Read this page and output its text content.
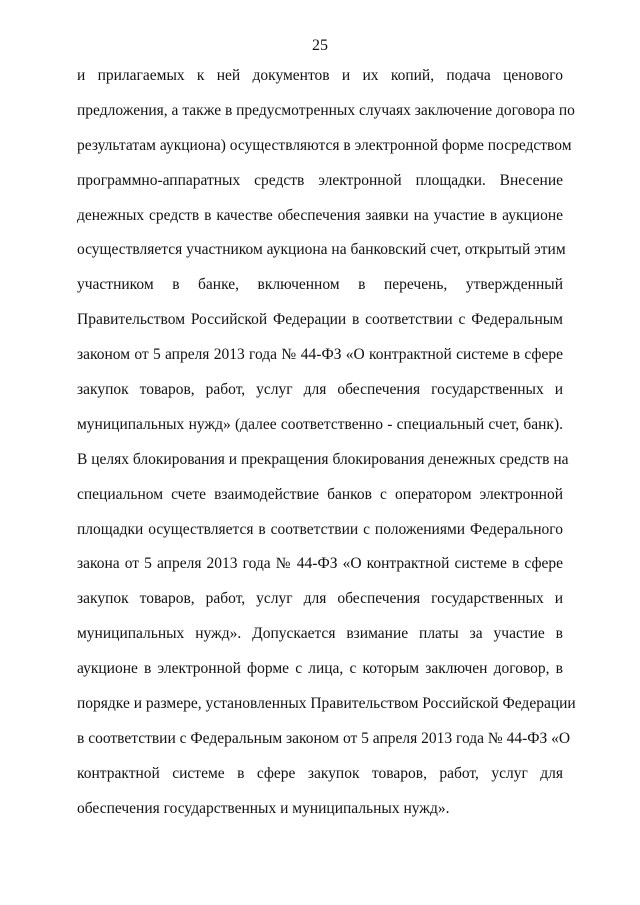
25
и прилагаемых к ней документов и их копий, подача ценового
предложения, а также в предусмотренных случаях заключение договора по
результатам аукциона) осуществляются в электронной форме посредством
программно-аппаратных средств электронной площадки. Внесение
денежных средств в качестве обеспечения заявки на участие в аукционе
осуществляется участником аукциона на банковский счет, открытый этим
участником в банке, включенном в перечень, утвержденный
Правительством Российской Федерации в соответствии с Федеральным
законом от 5 апреля 2013 года № 44-ФЗ «О контрактной системе в сфере
закупок товаров, работ, услуг для обеспечения государственных и
муниципальных нужд» (далее соответственно - специальный счет, банк).
В целях блокирования и прекращения блокирования денежных средств на
специальном счете взаимодействие банков с оператором электронной
площадки осуществляется в соответствии с положениями Федерального
закона от 5 апреля 2013 года № 44-ФЗ «О контрактной системе в сфере
закупок товаров, работ, услуг для обеспечения государственных и
муниципальных нужд». Допускается взимание платы за участие в
аукционе в электронной форме с лица, с которым заключен договор, в
порядке и размере, установленных Правительством Российской Федерации
в соответствии с Федеральным законом от 5 апреля 2013 года № 44-ФЗ «О
контрактной системе в сфере закупок товаров, работ, услуг для
обеспечения государственных и муниципальных нужд».
